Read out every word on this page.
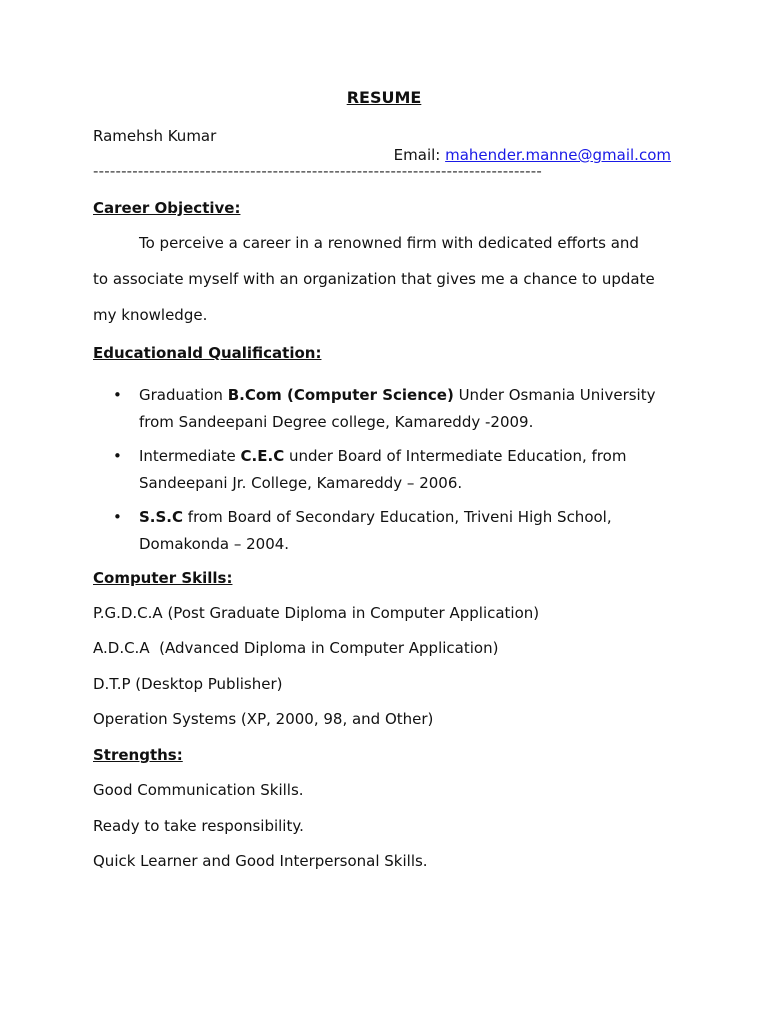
RESUME
Ramehsh Kumar
Email: mahender.manne@gmail.com
--------------------------------------------------------------------------------
Career Objective:
To perceive a career in a renowned firm with dedicated efforts and
to associate myself with an organization that gives me a chance to update
my knowledge.
Educationald Qualification:
• Graduation B.Com (Computer Science) Under Osmania University
from Sandeepani Degree college, Kamareddy -2009.
• Intermediate C.E.C under Board of Intermediate Education, from
Sandeepani Jr. College, Kamareddy – 2006.
• S.S.C from Board of Secondary Education, Triveni High School,
Domakonda – 2004.
Computer Skills:
P.G.D.C.A (Post Graduate Diploma in Computer Application)
A.D.C.A  (Advanced Diploma in Computer Application)
D.T.P (Desktop Publisher)
Operation Systems (XP, 2000, 98, and Other)
Strengths:
Good Communication Skills.
Ready to take responsibility.
Quick Learner and Good Interpersonal Skills.
